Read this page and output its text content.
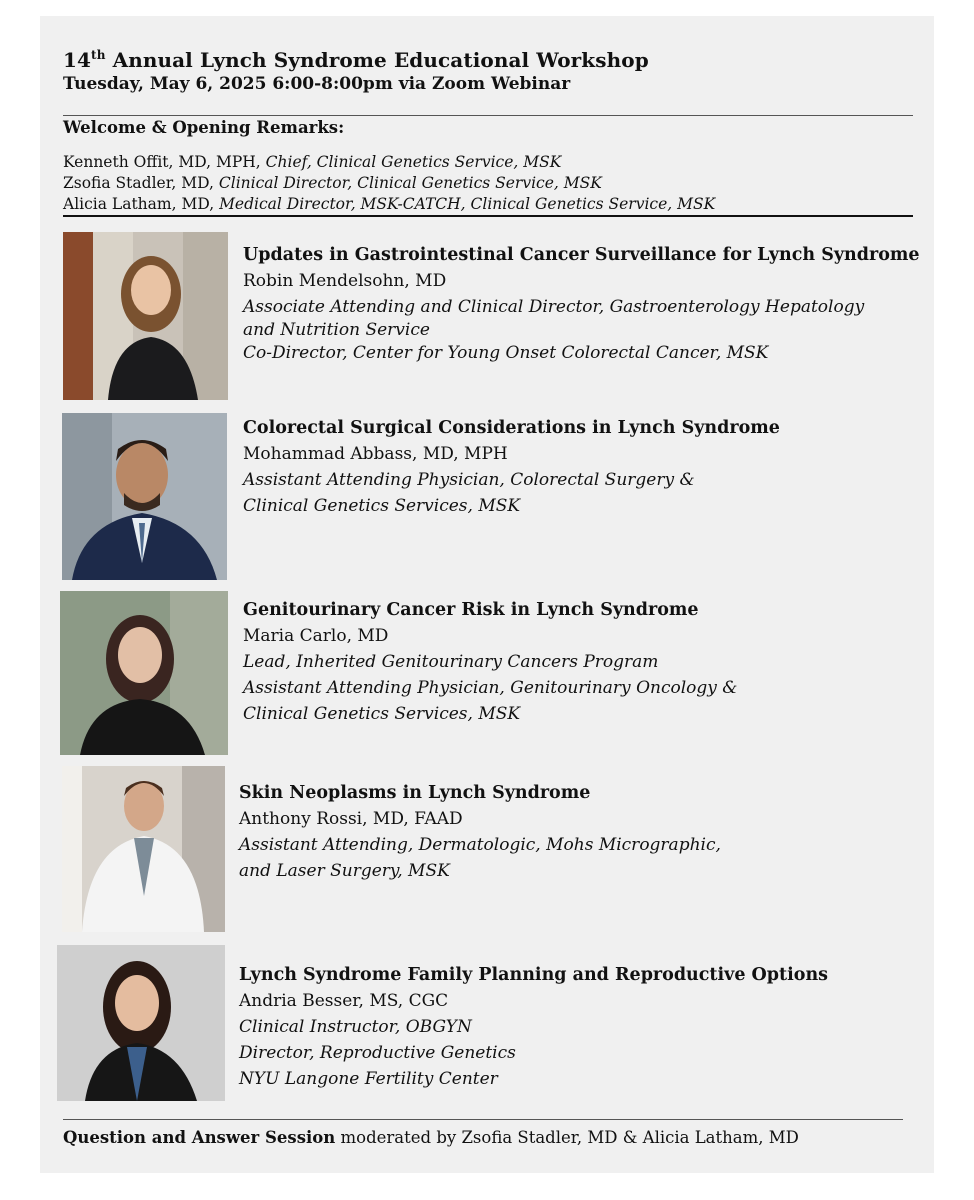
14th Annual Lynch Syndrome Educational Workshop
Tuesday, May 6, 2025 6:00-8:00pm via Zoom Webinar
Welcome & Opening Remarks:
Kenneth Offit, MD, MPH, Chief, Clinical Genetics Service, MSK
Zsofia Stadler, MD, Clinical Director, Clinical Genetics Service, MSK
Alicia Latham, MD, Medical Director, MSK-CATCH, Clinical Genetics Service, MSK
Updates in Gastrointestinal Cancer Surveillance for Lynch Syndrome
Robin Mendelsohn, MD
Associate Attending and Clinical Director, Gastroenterology Hepatology
and Nutrition Service
Co-Director, Center for Young Onset Colorectal Cancer, MSK
Colorectal Surgical Considerations in Lynch Syndrome
Mohammad Abbass, MD, MPH
Assistant Attending Physician, Colorectal Surgery &
Clinical Genetics Services, MSK
Genitourinary Cancer Risk in Lynch Syndrome
Maria Carlo, MD
Lead, Inherited Genitourinary Cancers Program
Assistant Attending Physician, Genitourinary Oncology &
Clinical Genetics Services, MSK
Skin Neoplasms in Lynch Syndrome
Anthony Rossi, MD, FAAD
Assistant Attending, Dermatologic, Mohs Micrographic,
and Laser Surgery, MSK
Lynch Syndrome Family Planning and Reproductive Options
Andria Besser, MS, CGC
Clinical Instructor, OBGYN
Director, Reproductive Genetics
NYU Langone Fertility Center
Question and Answer Session moderated by Zsofia Stadler, MD & Alicia Latham, MD
